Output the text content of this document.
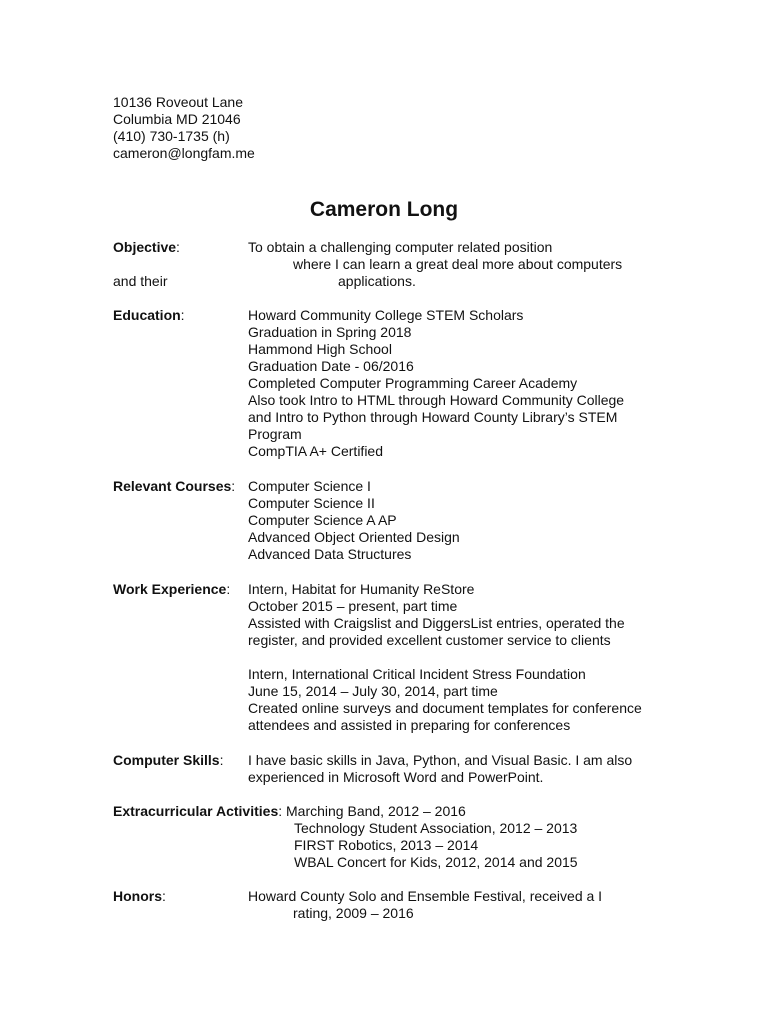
10136 Roveout Lane
Columbia MD 21046
(410) 730-1735 (h)
cameron@longfam.me
Cameron Long
Objective:	To obtain a challenging computer related position
where I can learn a great deal more about computers
and their	applications.
Education:	Howard Community College STEM Scholars
Graduation in Spring 2018
Hammond High School
Graduation Date - 06/2016
Completed Computer Programming Career Academy
Also took Intro to HTML through Howard Community College
and Intro to Python through Howard County Library’s STEM
Program
CompTIA A+ Certified
Relevant Courses: Computer Science I
Computer Science II
Computer Science A AP
Advanced Object Oriented Design
Advanced Data Structures
Work Experience: Intern, Habitat for Humanity ReStore
October 2015 – present, part time
Assisted with Craigslist and DiggersList entries, operated the
register, and provided excellent customer service to clients
Intern, International Critical Incident Stress Foundation
June 15, 2014 – July 30, 2014, part time
Created online surveys and document templates for conference
attendees and assisted in preparing for conferences
Computer Skills: I have basic skills in Java, Python, and Visual Basic. I am also
experienced in Microsoft Word and PowerPoint.
Extracurricular Activities: Marching Band, 2012 – 2016
Technology Student Association, 2012 – 2013
FIRST Robotics, 2013 – 2014
WBAL Concert for Kids, 2012, 2014 and 2015
Honors:	Howard County Solo and Ensemble Festival, received a I
rating, 2009 – 2016
